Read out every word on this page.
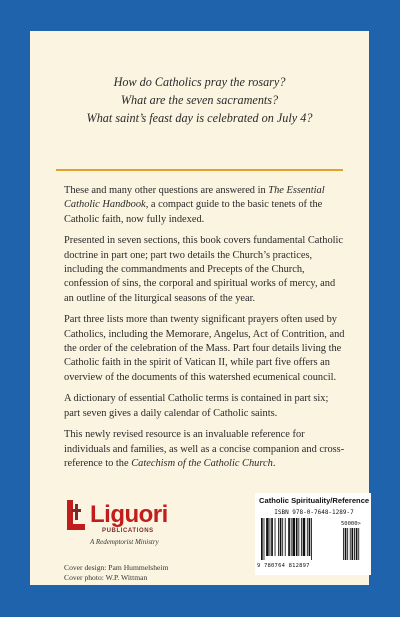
How do Catholics pray the rosary?
What are the seven sacraments?
What saint’s feast day is celebrated on July 4?

These and many other questions are answered in The Essential Catholic Handbook, a compact guide to the basic tenets of the Catholic faith, now fully indexed.

Presented in seven sections, this book covers fundamental Catholic doctrine in part one; part two details the Church’s practices, including the commandments and Precepts of the Church, confession of sins, the corporal and spiritual works of mercy, and an outline of the liturgical seasons of the year.

Part three lists more than twenty significant prayers often used by Catholics, including the Memorare, Angelus, Act of Contrition, and the order of the celebration of the Mass. Part four details living the Catholic faith in the spirit of Vatican II, while part five offers an overview of the documents of this watershed ecumenical council.

A dictionary of essential Catholic terms is contained in part six; part seven gives a daily calendar of Catholic saints.

This newly revised resource is an invaluable reference for individuals and families, as well as a concise companion and cross-reference to the Catechism of the Catholic Church.

Liguori
PUBLICATIONS
A Redemptorist Ministry
Cover design: Pam Hummelsheim
Cover photo: W.P. Wittman
Catholic Spirituality/Reference
ISBN 978-0-7648-1289-7
9 780764 812897
50000>
